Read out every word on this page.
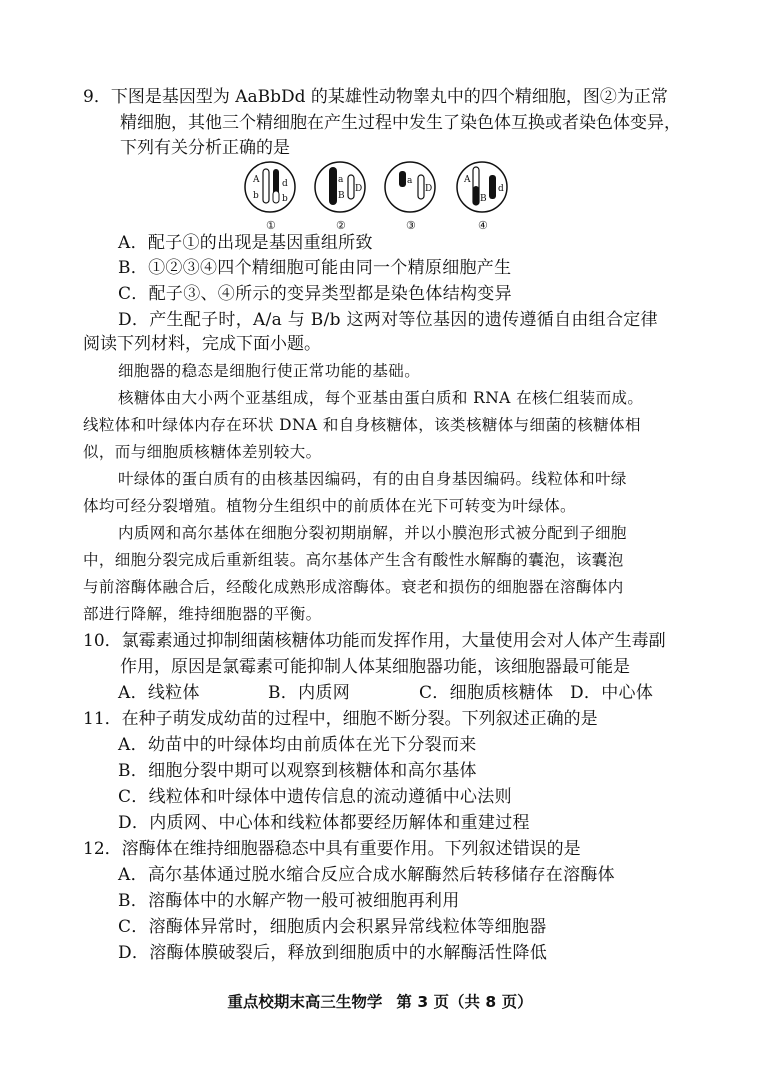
9．下图是基因型为 AaBbDd 的某雄性动物睾丸中的四个精细胞，图②为正常
精细胞，其他三个精细胞在产生过程中发生了染色体互换或者染色体变异，
下列有关分析正确的是
A
b
d
b
①
a
B
D
②
a
D
③
A
B
d
④
A．配子①的出现是基因重组所致
B．①②③④四个精细胞可能由同一个精原细胞产生
C．配子③、④所示的变异类型都是染色体结构变异
D．产生配子时，A/a 与 B/b 这两对等位基因的遗传遵循自由组合定律
阅读下列材料，完成下面小题。
细胞器的稳态是细胞行使正常功能的基础。
核糖体由大小两个亚基组成，每个亚基由蛋白质和 RNA 在核仁组装而成。
线粒体和叶绿体内存在环状 DNA 和自身核糖体，该类核糖体与细菌的核糖体相
似，而与细胞质核糖体差别较大。
叶绿体的蛋白质有的由核基因编码，有的由自身基因编码。线粒体和叶绿
体均可经分裂增殖。植物分生组织中的前质体在光下可转变为叶绿体。
内质网和高尔基体在细胞分裂初期崩解，并以小膜泡形式被分配到子细胞
中，细胞分裂完成后重新组装。高尔基体产生含有酸性水解酶的囊泡，该囊泡
与前溶酶体融合后，经酸化成熟形成溶酶体。衰老和损伤的细胞器在溶酶体内
部进行降解，维持细胞器的平衡。
10．氯霉素通过抑制细菌核糖体功能而发挥作用，大量使用会对人体产生毒副
作用，原因是氯霉素可能抑制人体某细胞器功能，该细胞器最可能是
A．线粒体	B．内质网	C．细胞质核糖体 D．中心体
11．在种子萌发成幼苗的过程中，细胞不断分裂。下列叙述正确的是
A．幼苗中的叶绿体均由前质体在光下分裂而来
B．细胞分裂中期可以观察到核糖体和高尔基体
C．线粒体和叶绿体中遗传信息的流动遵循中心法则
D．内质网、中心体和线粒体都要经历解体和重建过程
12．溶酶体在维持细胞器稳态中具有重要作用。下列叙述错误的是
A．高尔基体通过脱水缩合反应合成水解酶然后转移储存在溶酶体
B．溶酶体中的水解产物一般可被细胞再利用
C．溶酶体异常时，细胞质内会积累异常线粒体等细胞器
D．溶酶体膜破裂后，释放到细胞质中的水解酶活性降低
重点校期末高三生物学 第 3 页（共 8 页）
